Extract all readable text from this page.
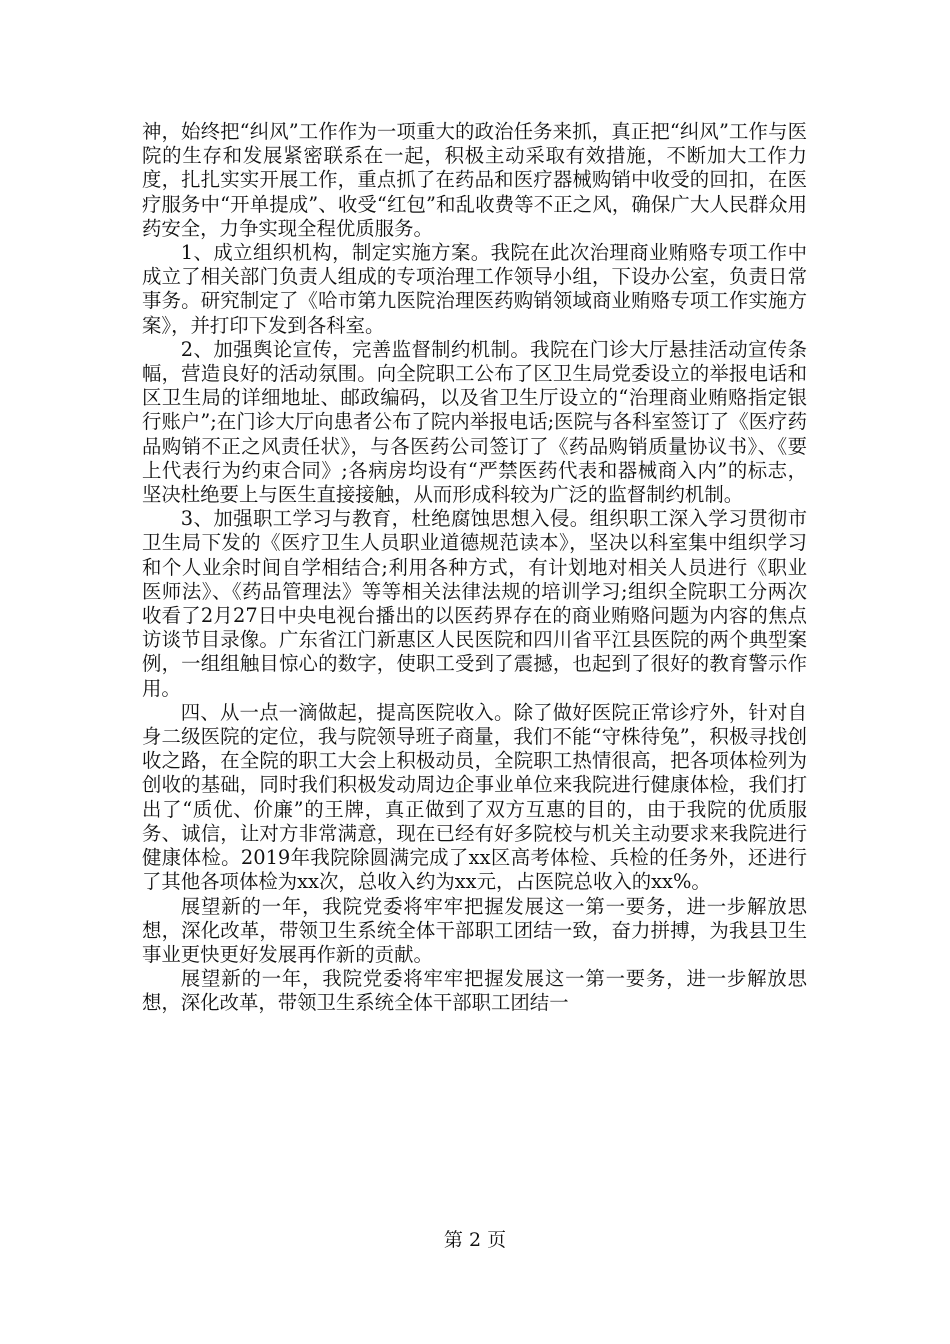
神，始终把“纠风”工作作为一项重大的政治任务来抓，真正把“纠风”工作与医院的生存和发展紧密联系在一起，积极主动采取有效措施，不断加大工作力度，扎扎实实开展工作，重点抓了在药品和医疗器械购销中收受的回扣，在医疗服务中“开单提成”、收受“红包”和乱收费等不正之风，确保广大人民群众用药安全，力争实现全程优质服务。

1、成立组织机构，制定实施方案。我院在此次治理商业贿赂专项工作中成立了相关部门负责人组成的专项治理工作领导小组，下设办公室，负责日常事务。研究制定了《哈市第九医院治理医药购销领域商业贿赂专项工作实施方案》，并打印下发到各科室。

2、加强舆论宣传，完善监督制约机制。我院在门诊大厅悬挂活动宣传条幅，营造良好的活动氛围。向全院职工公布了区卫生局党委设立的举报电话和区卫生局的详细地址、邮政编码，以及省卫生厅设立的“治理商业贿赂指定银行账户”;在门诊大厅向患者公布了院内举报电话;医院与各科室签订了《医疗药品购销不正之风责任状》，与各医药公司签订了《药品购销质量协议书》、《要上代表行为约束合同》;各病房均设有“严禁医药代表和器械商入内”的标志，坚决杜绝要上与医生直接接触，从而形成科较为广泛的监督制约机制。

3、加强职工学习与教育，杜绝腐蚀思想入侵。组织职工深入学习贯彻市卫生局下发的《医疗卫生人员职业道德规范读本》，坚决以科室集中组织学习和个人业余时间自学相结合;利用各种方式，有计划地对相关人员进行《职业医师法》、《药品管理法》等等相关法律法规的培训学习;组织全院职工分两次收看了2月27日中央电视台播出的以医药界存在的商业贿赂问题为内容的焦点访谈节目录像。广东省江门新惠区人民医院和四川省平江县医院的两个典型案例，一组组触目惊心的数字，使职工受到了震撼，也起到了很好的教育警示作用。

四、从一点一滴做起，提高医院收入。除了做好医院正常诊疗外，针对自身二级医院的定位，我与院领导班子商量，我们不能“守株待兔”，积极寻找创收之路，在全院的职工大会上积极动员，全院职工热情很高，把各项体检列为创收的基础，同时我们积极发动周边企事业单位来我院进行健康体检，我们打出了“质优、价廉”的王牌，真正做到了双方互惠的目的，由于我院的优质服务、诚信，让对方非常满意，现在已经有好多院校与机关主动要求来我院进行健康体检。2019年我院除圆满完成了xx区高考体检、兵检的任务外，还进行了其他各项体检为xx次，总收入约为xx元，占医院总收入的xx%。

展望新的一年，我院党委将牢牢把握发展这一第一要务，进一步解放思想，深化改革，带领卫生系统全体干部职工团结一致，奋力拼搏，为我县卫生事业更快更好发展再作新的贡献。

展望新的一年，我院党委将牢牢把握发展这一第一要务，进一步解放思想，深化改革，带领卫生系统全体干部职工团结一

第 2 页
